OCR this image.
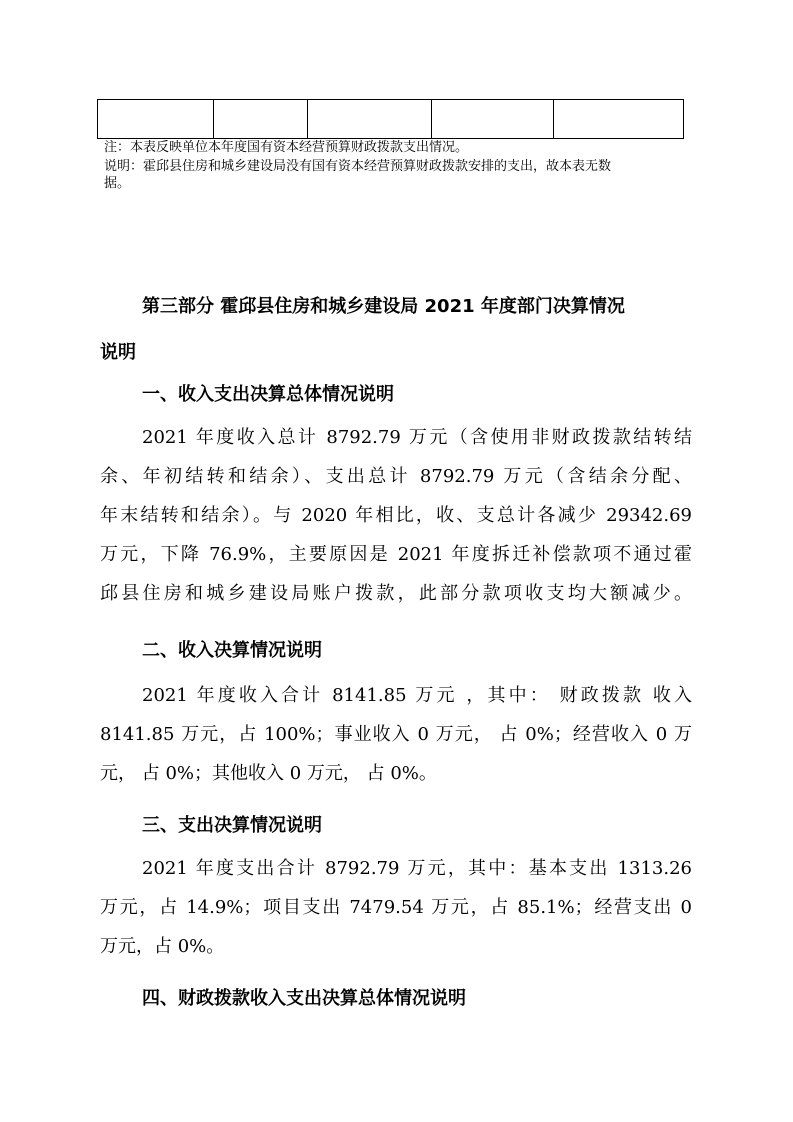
注：本表反映单位本年度国有资本经营预算财政拨款支出情况。
说明：霍邱县住房和城乡建设局没有国有资本经营预算财政拨款安排的支出，故本表无数
据。
第三部分 霍邱县住房和城乡建设局 2021 年度部门决算情况
说明
一、收入支出决算总体情况说明
2021 年度收入总计 8792.79 万元（含使用非财政拨款结转结
余、年初结转和结余）、支出总计 8792.79 万元（含结余分配、
年末结转和结余）。与 2020 年相比，收、支总计各减少 29342.69
万元，下降 76.9%，主要原因是 2021 年度拆迁补偿款项不通过霍
邱县住房和城乡建设局账户拨款，此部分款项收支均大额减少。
二、收入决算情况说明
2021 年度收入合计 8141.85 万元 ，其中： 财政拨款 收入
8141.85 万元，占 100%；事业收入 0 万元， 占 0%；经营收入 0 万
元， 占 0%；其他收入 0 万元， 占 0%。
三、支出决算情况说明
2021 年度支出合计 8792.79 万元，其中：基本支出 1313.26
万元，占 14.9%；项目支出 7479.54 万元，占 85.1%；经营支出 0
万元，占 0%。
四、财政拨款收入支出决算总体情况说明
